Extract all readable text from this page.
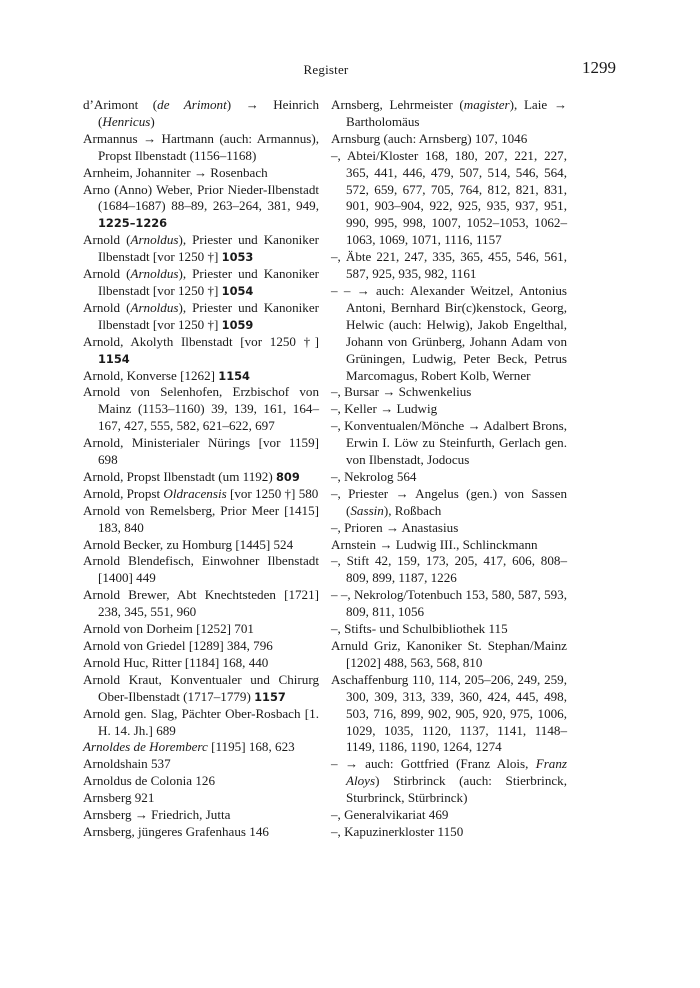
Register	1299
d’Arimont (de Arimont) → Heinrich (Henricus)
Armannus → Hartmann (auch: Armannus), Propst Ilbenstadt (1156–1168)
Arnheim, Johanniter → Rosenbach
Arno (Anno) Weber, Prior Nieder-Ilbenstadt (1684–1687) 88–89, 263–264, 381, 949, 1225–1226
Arnold (Arnoldus), Priester und Kanoniker Ilbenstadt [vor 1250 †] 1053
Arnold (Arnoldus), Priester und Kanoniker Ilbenstadt [vor 1250 †] 1054
Arnold (Arnoldus), Priester und Kanoniker Ilbenstadt [vor 1250 †] 1059
Arnold, Akolyth Ilbenstadt [vor 1250 †] 1154
Arnold, Konverse [1262] 1154
Arnold von Selenhofen, Erzbischof von Mainz (1153–1160) 39, 139, 161, 164–167, 427, 555, 582, 621–622, 697
Arnold, Ministerialer Nürings [vor 1159] 698
Arnold, Propst Ilbenstadt (um 1192) 809
Arnold, Propst Oldracensis [vor 1250 †] 580
Arnold von Remelsberg, Prior Meer [1415] 183, 840
Arnold Becker, zu Homburg [1445] 524
Arnold Blendefisch, Einwohner Ilbenstadt [1400] 449
Arnold Brewer, Abt Knechtsteden [1721] 238, 345, 551, 960
Arnold von Dorheim [1252] 701
Arnold von Griedel [1289] 384, 796
Arnold Huc, Ritter [1184] 168, 440
Arnold Kraut, Konventualer und Chirurg Ober-Ilbenstadt (1717–1779) 1157
Arnold gen. Slag, Pächter Ober-Rosbach [1. H. 14. Jh.] 689
Arnoldes de Horemberc [1195] 168, 623
Arnoldshain 537
Arnoldus de Colonia 126
Arnsberg 921
Arnsberg → Friedrich, Jutta
Arnsberg, jüngeres Grafenhaus 146
Arnsberg, Lehrmeister (magister), Laie → Bartholomäus
Arnsburg (auch: Arnsberg) 107, 1046
–, Abtei/Kloster 168, 180, 207, 221, 227, 365, 441, 446, 479, 507, 514, 546, 564, 572, 659, 677, 705, 764, 812, 821, 831, 901, 903–904, 922, 925, 935, 937, 951, 990, 995, 998, 1007, 1052–1053, 1062–1063, 1069, 1071, 1116, 1157
–, Äbte 221, 247, 335, 365, 455, 546, 561, 587, 925, 935, 982, 1161
– – → auch: Alexander Weitzel, Antonius Antoni, Bernhard Bir(c)kenstock, Georg, Helwic (auch: Helwig), Jakob Engelthal, Johann von Grünberg, Johann Adam von Grüningen, Ludwig, Peter Beck, Petrus Marcomagus, Robert Kolb, Werner
–, Bursar → Schwenkelius
–, Keller → Ludwig
–, Konventualen/Mönche → Adalbert Brons, Erwin I. Löw zu Steinfurth, Gerlach gen. von Ilbenstadt, Jodocus
–, Nekrolog 564
–, Priester → Angelus (gen.) von Sassen (Sassin), Roßbach
–, Prioren → Anastasius
Arnstein → Ludwig III., Schlinckmann
–, Stift 42, 159, 173, 205, 417, 606, 808–809, 899, 1187, 1226
– –, Nekrolog/Totenbuch 153, 580, 587, 593, 809, 811, 1056
–, Stifts- und Schulbibliothek 115
Arnuld Griz, Kanoniker St. Stephan/Mainz [1202] 488, 563, 568, 810
Aschaffenburg 110, 114, 205–206, 249, 259, 300, 309, 313, 339, 360, 424, 445, 498, 503, 716, 899, 902, 905, 920, 975, 1006, 1029, 1035, 1120, 1137, 1141, 1148–1149, 1186, 1190, 1264, 1274
– → auch: Gottfried (Franz Alois, Franz Aloys) Stirbrinck (auch: Stierbrinck, Sturbrinck, Stürbrinck)
–, Generalvikariat 469
–, Kapuzinerkloster 1150
